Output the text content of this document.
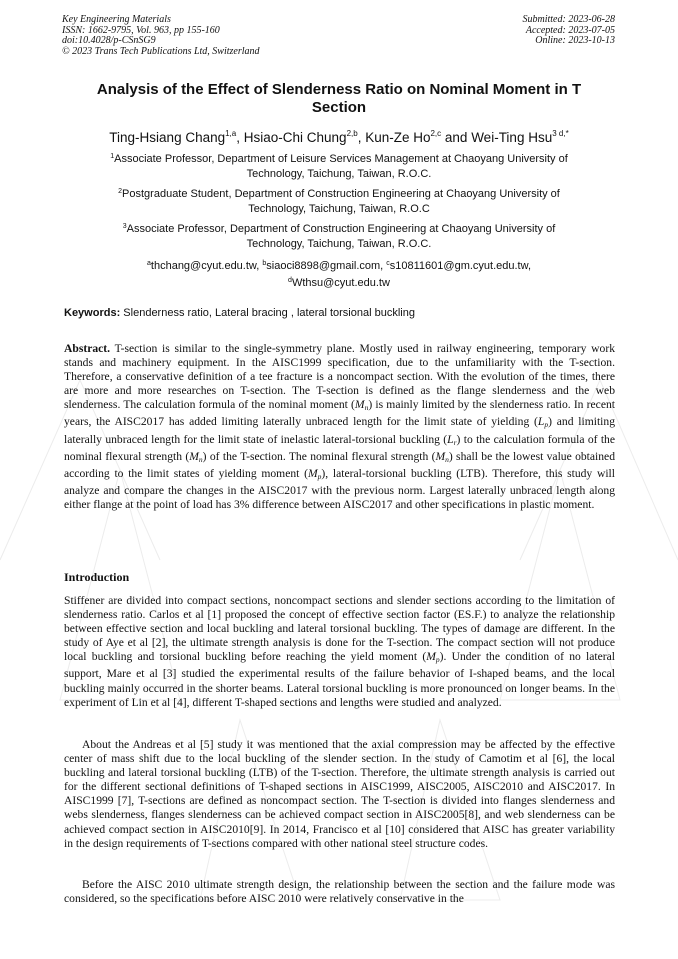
Key Engineering Materials
ISSN: 1662-9795, Vol. 963, pp 155-160
doi:10.4028/p-CSnSG9
© 2023 Trans Tech Publications Ltd, Switzerland
Submitted: 2023-06-28
Accepted: 2023-07-05
Online: 2023-10-13
Analysis of the Effect of Slenderness Ratio on Nominal Moment in T
Section
Ting-Hsiang Chang$^{1,a}$, Hsiao-Chi Chung$^{2,b}$, Kun-Ze Ho$^{2,c}$ and Wei-Ting Hsu$^{3 d,*}$
$^1$Associate Professor, Department of Leisure Services Management at Chaoyang University of
Technology, Taichung, Taiwan, R.O.C.
$^2$Postgraduate Student, Department of Construction Engineering at Chaoyang University of
Technology, Taichung, Taiwan, R.O.C
$^3$Associate Professor, Department of Construction Engineering at Chaoyang University of
Technology, Taichung, Taiwan, R.O.C.
$^a$thchang@cyut.edu.tw, $^b$siaoci8898@gmail.com, $^c$s10811601@gm.cyut.edu.tw,
$^d$Wthsu@cyut.edu.tw
Keywords: Slenderness ratio, Lateral bracing , lateral torsional buckling
Abstract. T-section is similar to the single-symmetry plane. Mostly used in railway engineering, temporary work stands and machinery equipment. In the AISC1999 specification, due to the unfamiliarity with the T-section. Therefore, a conservative definition of a tee fracture is a noncompact section. With the evolution of the times, there are more and more researches on T-section. The T-section is defined as the flange slenderness and the web slenderness. The calculation formula of the nominal moment $(M_n)$ is mainly limited by the slenderness ratio. In recent years, the AISC2017 has added limiting laterally unbraced length for the limit state of yielding $(L_p)$ and limiting laterally unbraced length for the limit state of inelastic lateral-torsional buckling $(L_r)$ to the calculation formula of the nominal flexural strength $(M_n)$ of the T-section. The nominal flexural strength $(M_n)$ shall be the lowest value obtained according to the limit states of yielding moment $(M_p)$, lateral-torsional buckling (LTB). Therefore, this study will analyze and compare the changes in the AISC2017 with the previous norm. Largest laterally unbraced length along either flange at the point of load has 3% difference between AISC2017 and other specifications in plastic moment.
Introduction
Stiffener are divided into compact sections, noncompact sections and slender sections according to the limitation of slenderness ratio. Carlos et al [1] proposed the concept of effective section factor (ES.F.) to analyze the relationship between effective section and local buckling and lateral torsional buckling. The types of damage are different. In the study of Aye et al [2], the ultimate strength analysis is done for the T-section. The compact section will not produce local buckling and torsional buckling before reaching the yield moment $(M_p)$. Under the condition of no lateral support, Mare et al [3] studied the experimental results of the failure behavior of I-shaped beams, and the local buckling mainly occurred in the shorter beams. Lateral torsional buckling is more pronounced on longer beams. In the experiment of Lin et al [4], different T-shaped sections and lengths were studied and analyzed.
About the Andreas et al [5] study it was mentioned that the axial compression may be affected by the effective center of mass shift due to the local buckling of the slender section. In the study of Camotim et al [6], the local buckling and lateral torsional buckling (LTB) of the T-section. Therefore, the ultimate strength analysis is carried out for the different sectional definitions of T-shaped sections in AISC1999, AISC2005, AISC2010 and AISC2017. In AISC1999 [7], T-sections are defined as noncompact section. The T-section is divided into flanges slenderness and webs slenderness, flanges slenderness can be achieved compact section in AISC2005[8], and web slenderness can be achieved compact section in AISC2010[9]. In 2014, Francisco et al [10] considered that AISC has greater variability in the design requirements of T-sections compared with other national steel structure codes.
Before the AISC 2010 ultimate strength design, the relationship between the section and the failure mode was considered, so the specifications before AISC 2010 were relatively conservative in the
